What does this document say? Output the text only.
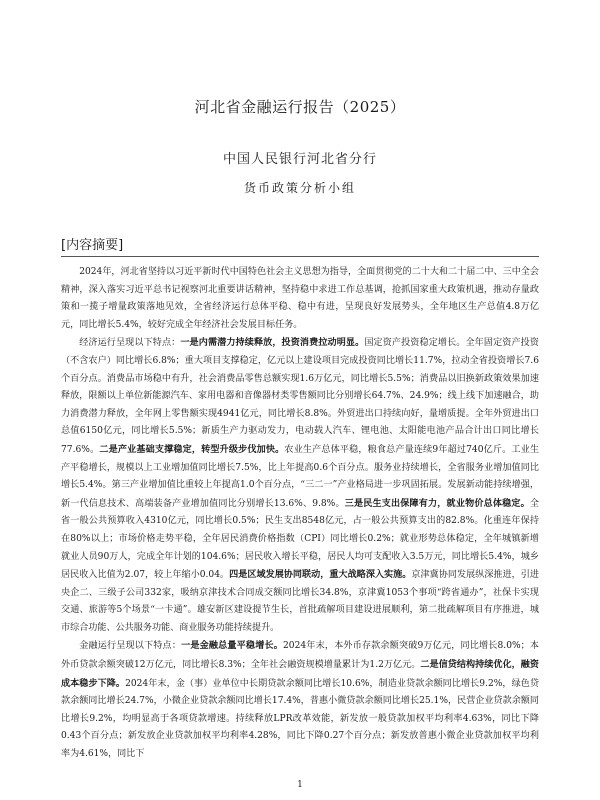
河北省金融运行报告（2025）
中国人民银行河北省分行
货币政策分析小组
[内容摘要]

2024年，河北省坚持以习近平新时代中国特色社会主义思想为指导，全面贯彻党的二十大和二十届二中、三中全会精神，深入落实习近平总书记视察河北重要讲话精神，坚持稳中求进工作总基调，抢抓国家重大政策机遇，推动存量政策和一揽子增量政策落地见效，全省经济运行总体平稳、稳中有进，呈现良好发展势头，全年地区生产总值4.8万亿元，同比增长5.4%，较好完成全年经济社会发展目标任务。

经济运行呈现以下特点：一是内需潜力持续释放，投资消费拉动明显。国定资产投资稳定增长。全年固定资产投资（不含农户）同比增长6.8%；重大项目支撑稳定，亿元以上建设项目完成投资同比增长11.7%，拉动全省投资增长7.6个百分点。消费品市场稳中有升，社会消费品零售总额实现1.6万亿元，同比增长5.5%；消费品以旧换新政策效果加速释放，限额以上单位新能源汽车、家用电器和音像器材类零售额同比分别增长64.7%、24.9%；线上线下加速融合，助力消费潜力释放，全年网上零售额实现4941亿元，同比增长8.8%。外贸进出口持续向好，量增质提。全年外贸进出口总值6150亿元，同比增长5.5%；新质生产力驱动发力，电动载人汽车、锂电池、太阳能电池产品合计出口同比增长77.6%。二是产业基础支撑稳定，转型升级步伐加快。农业生产总体平稳，粮食总产量连续9年超过740亿斤。工业生产平稳增长，规模以上工业增加值同比增长7.5%，比上年提高0.6个百分点。服务业持续增长，全省服务业增加值同比增长5.4%。第三产业增加值比重较上年提高1.0个百分点，“三二一”产业格局进一步巩固拓展。发展新动能持续增强，新一代信息技术、高端装备产业增加值同比分别增长13.6%、9.8%。三是民生支出保障有力，就业物价总体稳定。全省一般公共预算收入4310亿元，同比增长0.5%；民生支出8548亿元，占一般公共预算支出的82.8%。化重连年保持在80%以上；市场价格走势平稳，全年居民消费价格指数（CPI）同比增长0.2%；就业形势总体稳定，全年城镇新增就业人员90万人，完成全年计划的104.6%；居民收入增长平稳，居民人均可支配收入3.5万元，同比增长5.4%，城乡居民收入比值为2.07，较上年缩小0.04。四是区域发展协同联动，重大战略深入实施。京津冀协同发展纵深推进，引进央企二、三级子公司332家，吸纳京津技术合同成交额同比增长34.8%，京津冀1053个事项“跨省通办”，社保卡实现交通、旅游等5个场景“一卡通”。雄安新区建设提节生长，首批疏解项目建设进展顺利，第二批疏解项目有序推进，城市综合功能、公共服务功能、商业服务功能持续提升。

金融运行呈现以下特点：一是金融总量平稳增长。2024年末，本外币存款余额突破9万亿元，同比增长8.0%；本外币贷款余额突破12万亿元，同比增长8.3%；全年社会融资规模增量累计为1.2万亿元。二是信贷结构持续优化，融资成本稳步下降。2024年末，金（事）业单位中长期贷款余额同比增长10.6%，制造业贷款余额同比增长9.2%，绿色贷款余额同比增长24.7%，小微企业贷款余额同比增长17.4%，普惠小微贷款余额同比增长25.1%，民营企业贷款余额同比增长9.2%，均明显高于各项贷款增速。持续释放LPR改革效能，新发放一般贷款加权平均利率4.63%，同比下降0.43个百分点；新发放企业贷款加权平均利率4.28%，同比下降0.27个百分点；新发放普惠小微企业贷款加权平均利率为4.61%，同比下

1
